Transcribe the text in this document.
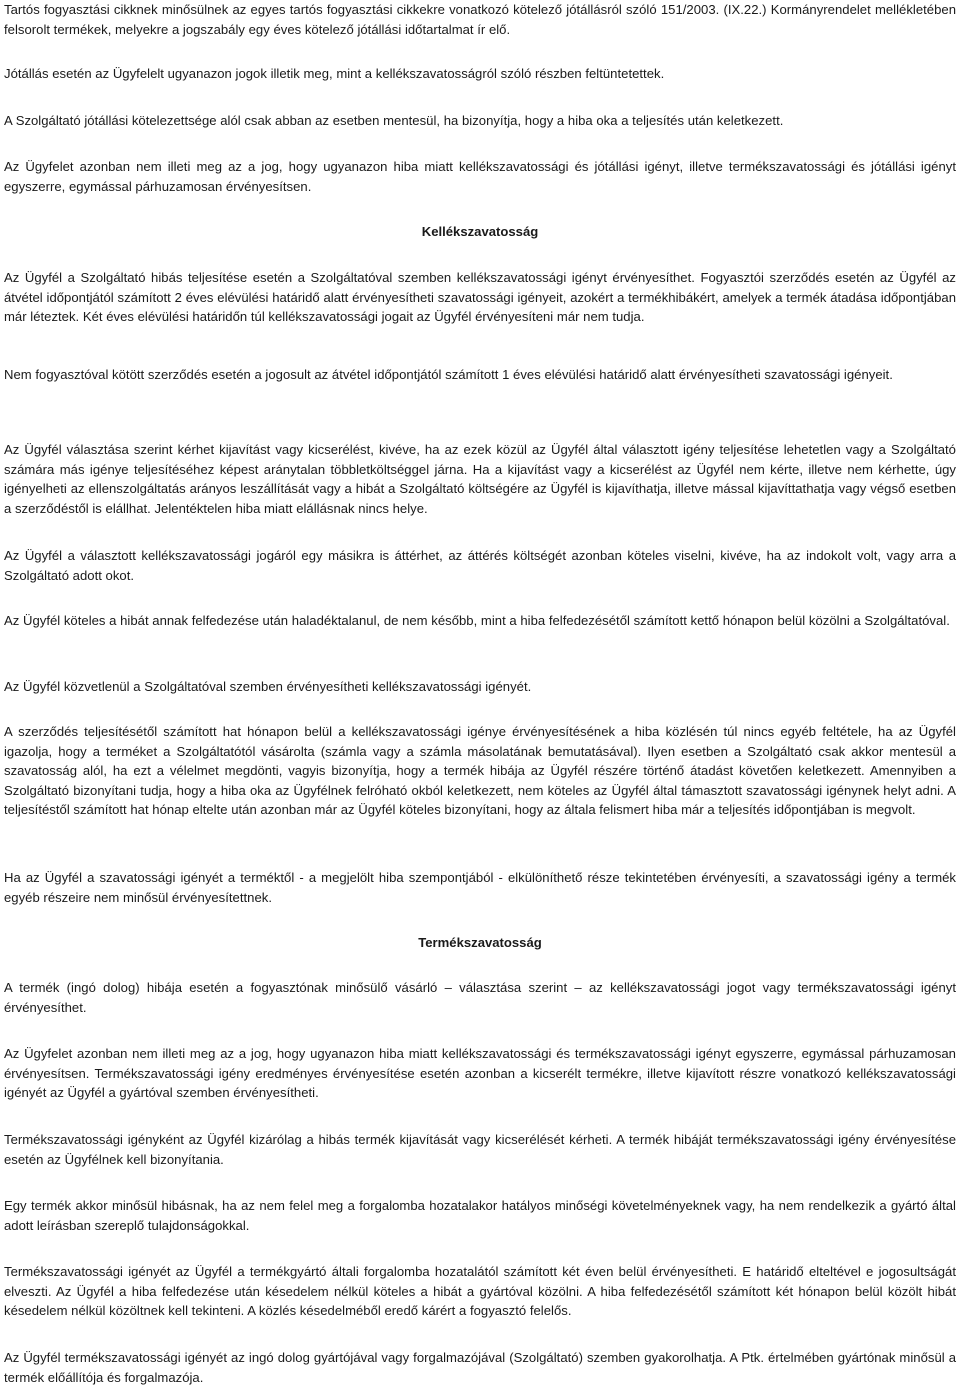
Tartós fogyasztási cikknek minősülnek az egyes tartós fogyasztási cikkekre vonatkozó kötelező jótállásról szóló 151/2003. (IX.22.) Kormányrendelet mellékletében felsorolt termékek, melyekre a jogszabály egy éves kötelező jótállási időtartalmat ír elő.

Jótállás esetén az Ügyfelelt ugyanazon jogok illetik meg, mint a kellékszavatosságról szóló részben feltüntetettek.

A Szolgáltató jótállási kötelezettsége alól csak abban az esetben mentesül, ha bizonyítja, hogy a hiba oka a teljesítés után keletkezett.

Az Ügyfelet azonban nem illeti meg az a jog, hogy ugyanazon hiba miatt kellékszavatossági és jótállási igényt, illetve termékszavatossági és jótállási igényt egyszerre, egymással párhuzamosan érvényesítsen.

Kellékszavatosság

Az Ügyfél a Szolgáltató hibás teljesítése esetén a Szolgáltatóval szemben kellékszavatossági igényt érvényesíthet. Fogyasztói szerződés esetén az Ügyfél az átvétel időpontjától számított 2 éves elévülési határidő alatt érvényesítheti szavatossági igényeit, azokért a termékhibákért, amelyek a termék átadása időpontjában már léteztek. Két éves elévülési határidőn túl kellékszavatossági jogait az Ügyfél érvényesíteni már nem tudja.

Nem fogyasztóval kötött szerződés esetén a jogosult az átvétel időpontjától számított 1 éves elévülési határidő alatt érvényesítheti szavatossági igényeit.

Az Ügyfél választása szerint kérhet kijavítást vagy kicserélést, kivéve, ha az ezek közül az Ügyfél által választott igény teljesítése lehetetlen vagy a Szolgáltató számára más igénye teljesítéséhez képest aránytalan többletköltséggel járna. Ha a kijavítást vagy a kicserélést az Ügyfél nem kérte, illetve nem kérhette, úgy igényelheti az ellenszolgáltatás arányos leszállítását vagy a hibát a Szolgáltató költségére az Ügyfél is kijavíthatja, illetve mással kijavíttathatja vagy végső esetben a szerződéstől is elállhat. Jelentéktelen hiba miatt elállásnak nincs helye.

Az Ügyfél a választott kellékszavatossági jogáról egy másikra is áttérhet, az áttérés költségét azonban köteles viselni, kivéve, ha az indokolt volt, vagy arra a Szolgáltató adott okot.

Az Ügyfél köteles a hibát annak felfedezése után haladéktalanul, de nem később, mint a hiba felfedezésétől számított kettő hónapon belül közölni a Szolgáltatóval.

Az Ügyfél közvetlenül a Szolgáltatóval szemben érvényesítheti kellékszavatossági igényét.

A szerződés teljesítésétől számított hat hónapon belül a kellékszavatossági igénye érvényesítésének a hiba közlésén túl nincs egyéb feltétele, ha az Ügyfél igazolja, hogy a terméket a Szolgáltatótól vásárolta (számla vagy a számla másolatának bemutatásával). Ilyen esetben a Szolgáltató csak akkor mentesül a szavatosság alól, ha ezt a vélelmet megdönti, vagyis bizonyítja, hogy a termék hibája az Ügyfél részére történő átadást követően keletkezett. Amennyiben a Szolgáltató bizonyítani tudja, hogy a hiba oka az Ügyfélnek felróható okból keletkezett, nem köteles az Ügyfél által támasztott szavatossági igénynek helyt adni. A teljesítéstől számított hat hónap elteltе után azonban már az Ügyfél köteles bizonyítani, hogy az általa felismert hiba már a teljesítés időpontjában is megvolt.

Ha az Ügyfél a szavatossági igényét a terméktől - a megjelölt hiba szempontjából - elkülöníthető része tekintetében érvényesíti, a szavatossági igény a termék egyéb részeire nem minősül érvényesítettnek.

Termékszavatosság

A termék (ingó dolog) hibája esetén a fogyasztónak minősülő vásárló – választása szerint – az kellékszavatossági jogot vagy termékszavatossági igényt érvényesíthet.

Az Ügyfelet azonban nem illeti meg az a jog, hogy ugyanazon hiba miatt kellékszavatossági és termékszavatossági igényt egyszerre, egymással párhuzamosan érvényesítsen. Termékszavatossági igény eredményes érvényesítése esetén azonban a kicserélt termékre, illetve kijavított részre vonatkozó kellékszavatossági igényét az Ügyfél a gyártóval szemben érvényesítheti.

Termékszavatossági igényként az Ügyfél kizárólag a hibás termék kijavítását vagy kicserélését kérheti. A termék hibáját termékszavatossági igény érvényesítése esetén az Ügyfélnek kell bizonyítania.

Egy termék akkor minősül hibásnak, ha az nem felel meg a forgalomba hozatalakor hatályos minőségi követelményeknek vagy, ha nem rendelkezik a gyártó által adott leírásban szereplő tulajdonságokkal.

Termékszavatossági igényét az Ügyfél a termékgyártó általi forgalomba hozatalától számított két éven belül érvényesítheti. E határidő elteltével e jogosultságát elveszti. Az Ügyfél a hiba felfedezése után késedelem nélkül köteles a hibát a gyártóval közölni. A hiba felfedezésétől számított két hónapon belül közölt hibát késedelem nélkül közöltnek kell tekinteni. A közlés késedelméből eredő kárért a fogyasztó felelős.

Az Ügyfél termékszavatossági igényét az ingó dolog gyártójával vagy forgalmazójával (Szolgáltató) szemben gyakorolhatja. A Ptk. értelmében gyártónak minősül a termék előállítója és forgalmazója.
